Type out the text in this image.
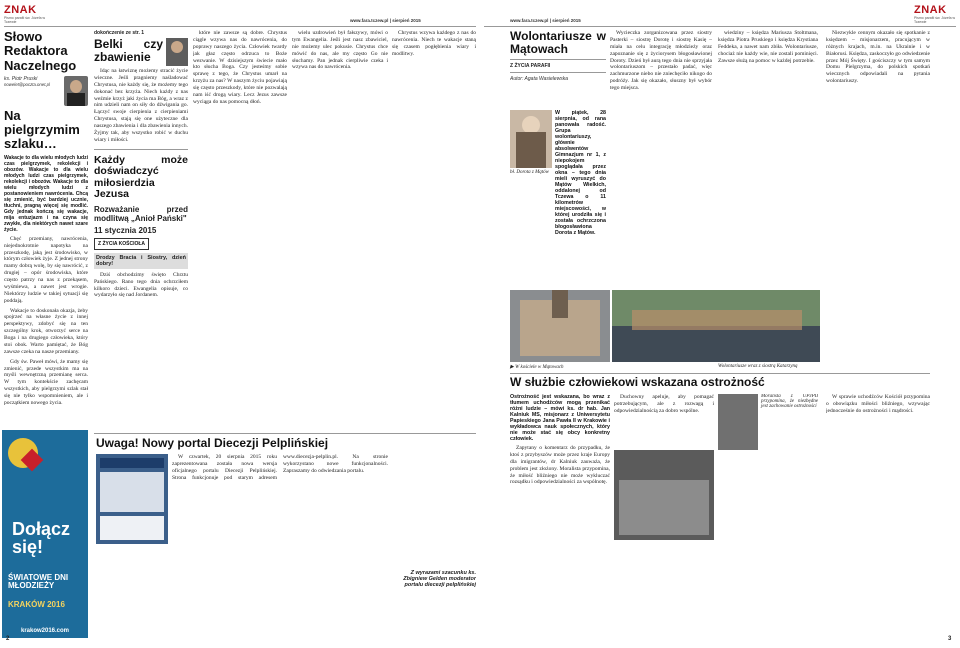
ZNAK
Pismo parafii św. Józefa w Tczewie	www.fara.tczew.pl | sierpień 2015
Słowo Redaktora Naczelnego
ks. Piotr Pruski
nowelet@poczta.onet.pl
Na pielgrzymim szlaku…
Wakacje to dla wielu młodych ludzi czas pielgrzymek, rekolekcji i obozów. Wakacje to dla wielu młodych ludzi czas pielgrzymek, rekolekcji i obozów. Wakacje to dla wielu młodych ludzi z postanowieniem nawrócenia. Chcą się zmienić, być bardziej ucznie, tłuchni, pragną więcej się modlić. Gdy jednak kończą się wakacje, mija entuzjazm i na czyna się zwykłe, dla niektórych nawet szare życie.

Chęć przemiany, nawrócenia, niejednokrotnie napotyka na przeszkodę, jaką jest środowisko, w którym człowiek żyje. Z jednej strony mamy dobrą wolę, by się nawrócić, z drugiej – opór środowiska, które często patrzy na nas z przekąsem, wyśmiewa, a nawet jest wrogie. Niektórzy ludzie w takiej sytuacji się poddają.

Wakacje to doskonała okazja, żeby spojrzeć na własne życie z innej perspektywy, zdobyć się na ten szczególny krok, otworzyć serce na Boga i na drugiego człowieka, który stoi obok. Warto pamiętać, że Bóg zawsze czeka na nasze przemiany.

Gdy św. Paweł mówi, że mamy się zmienić, przede wszystkim ma na myśli wewnętrzną przemianę serca. W tym kontekście zachęcam wszystkich, aby pielgrzymi szlak stał się nie tylko wspomnieniem, ale i początkiem nowego życia.

Dołącz
się!
ŚWIATOWE DNI MŁODZIEŻY
KRAKÓW 2016
krakow2016.com
dokończenie ze str. 1
Belki czy zbawienie

Idąc na łatwiznę możemy stracić życie wieczne. Jeśli pragniemy naśladować Chrystusa, nie każdy się, że możemy tego dokonać bez krzyża. Niech każdy z nas weźmie krzyż jaki życia ma Bóg, a wraz z nim udzieli nam on siły do dźwigania go. Łączyć swoje cierpienia z cierpieniami Chrystusa, stają się one użyteczne dla naszego zbawienia i dla zbawienia innych. Żyjmy tak, aby wszystko robić w duchu wiary i miłości.

Każdy może doświadczyć miłosierdzia Jezusa
Rozważanie przed modlitwą „Anioł Pański"
11 stycznia 2015
Z ŻYCIA KOŚCIOŁA
Drodzy Bracia i Siostry, dzień dobry!

Dziś obchodzimy święto Chrztu Pańskiego. Rano tego dnia ochrzciłem kilkoro dzieci. Ewangelia opisuje, co wydarzyło się nad Jordanem.

które nie zawsze są dobre. Chrystus ciągle wzywa nas do nawrócenia, do poprawy naszego życia. Człowiek twardy jak głaz często odrzuca to Boże wezwanie. W dzisiejszym świecie mało kto słucha Boga. Czy jesteśmy sobie sprawę z tego, że Chrystus umarł na krzyżu za nas? W naszym życiu pojawiają się często przeszkody, które nie pozwalają nam iść drogą wiary. Lecz Jezus zawsze wyciąga do nas pomocną dłoń.

wielu uzdrowień był fałszywy, mówi o tym Ewangelia. Jeśli jest nasz zbawiciel, nie możemy ulec pokusie. Chrystus chce mówić do nas, ale my często Go nie słuchamy. Pan jednak cierpliwie czeka i wzywa nas do nawrócenia.

Chrystus wzywa każdego z nas do nawrócenia. Niech te wakacje staną się czasem pogłębienia wiary i modlitwy.

Uwaga! Nowy portal Diecezji Pelplińskiej

W czwartek, 20 sierpnia 2015 roku zaprezentowana została nowa wersja oficjalnego portalu Diecezji Pelplińskiej. Strona funkcjonuje pod starym adresem www.diecezja-pelplin.pl. Na stronie wykorzystano nowe funkcjonalności. Zapraszamy do odwiedzania portalu.

Z wyrazami szacunku ks. Zbigniew Gelden moderator portalu diecezji pelplińskiej
2
www.fara.tczew.pl | sierpień 2015
ZNAK
Pismo parafii św. Józefa w Tczewie
Wolontariusze w Mątowach
Z ŻYCIA PARAFII
Autor: Agata Wasielewska
bł. Dorota z Mątów
W piątek, 28 sierpnia, od rana panowała radość. Grupa wolontariuszy, głównie absolwentów Gimnazjum nr 1, z niepokojem spoglądała przez okna – tego dnia mieli wyruszyć do Mątów Wielkich, oddalonej od Tczewa o 11 kilometrów miejscowości, w której urodziła się i została ochrzczona błogosławiona Dorota z Mątów.

Wycieczka zorganizowana przez siostry Pasterki – siostrę Dorotę i siostrę Kasię – miała na celu integrację młodzieży oraz zapoznanie się z życiorysem błogosławionej Doroty. Dzień był aurą tego dnia nie sprzyjała wolontariuszom – przestało padać, więc zachmurzone niebo nie zniechęciło nikogo do podróży. Jak się okazało, słuszny był wybór tego miejsca.

wiedziny – księdza Mariusza Stoltmana, księdza Piotra Pruskiego i księdza Krystiana Feddeka, a nawet nam zbiła. Wolontariusze, chociaż nie każdy wie, nie zostali pominięci. Zawsze służą na pomoc w każdej potrzebie.

Niezwykle cennym okazało się spotkanie z księdzem – misjonarzem, pracującym w różnych krajach, m.in. na Ukrainie i w Białorusi. Księdza, zaskoczyło go odwiedzenie przez Mój Święty. I gościszczy w tym samym Domu Pielgrzyma, do polskich spotkań wiecznych odpowiadali na pytania wolontariuszy.

▶ W kościele w Mątowach	Wolontariusze wraz z siostrą Katarzyną
W służbie człowiekowi wskazana ostrożność
Ostrożność jest wskazana, bo wraz z tłumem uchodźców mogą przenikać różni ludzie – mówi ks. dr hab. Jan Kalniuk MS, misjonarz z Uniwersytetu Papieskiego Jana Pawła II w Krakowie i wykładowca nauk społecznych, który nie może stać się obcy konkretny człowiek.

Zapytany o komentarz do przypadku, że ktoś z przybyszów może przez kraje Europy dla imigrantów, dr Kalniuk zauważa, że problem jest złożony. Moralista przypomina, że miłość bliźniego nie może wykluczać rozsądku i odpowiedzialności za wspólnotę.

Duchowny apeluje, aby pomagać potrzebującym, ale z rozwagą i odpowiedzialnością za dobro wspólne.

Moralista z UPJPII przypomina, że niezbędne jest zachowanie ostrożności

W sprawie uchodźców Kościół przypomina o obowiązku miłości bliźniego, wzywając jednocześnie do ostrożności i mądrości.

3
